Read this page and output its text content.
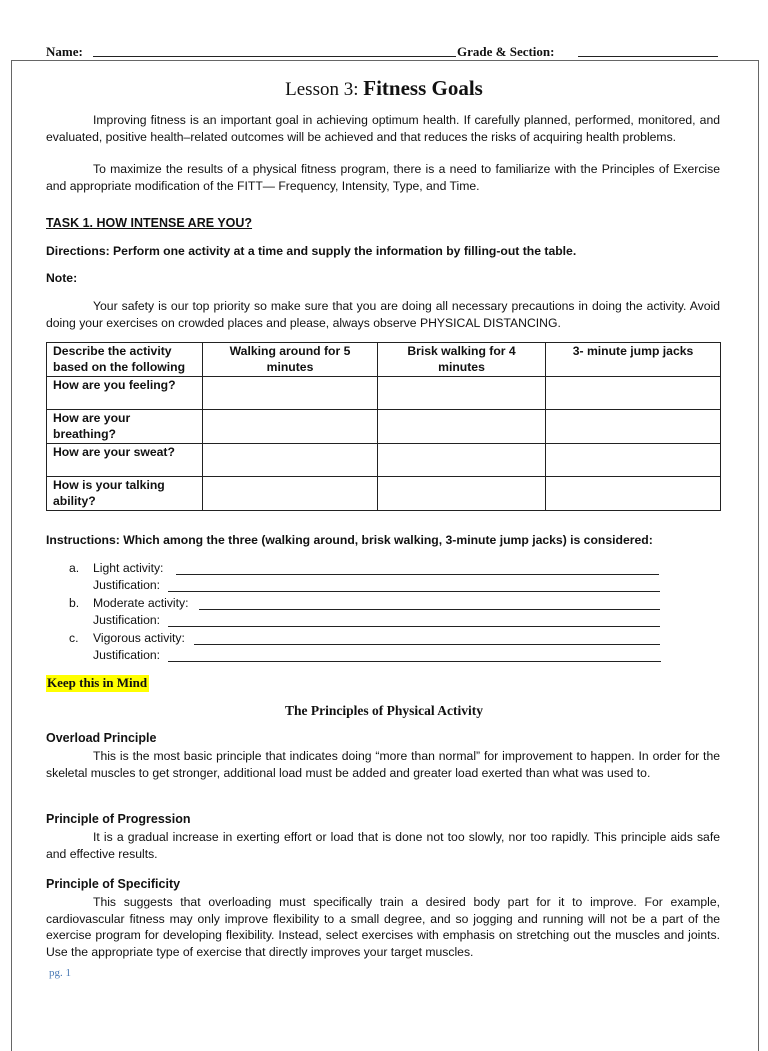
Name:	Grade & Section:
Lesson 3: Fitness Goals
Improving fitness is an important goal in achieving optimum health. If carefully planned, performed, monitored, and evaluated, positive health–related outcomes will be achieved and that reduces the risks of acquiring health problems.
To maximize the results of a physical fitness program, there is a need to familiarize with the Principles of Exercise and appropriate modification of the FITT— Frequency, Intensity, Type, and Time.
TASK 1. HOW INTENSE ARE YOU?
Directions: Perform one activity at a time and supply the information by filling-out the table.
Note:
Your safety is our top priority so make sure that you are doing all necessary precautions in doing the activity. Avoid doing your exercises on crowded places and please, always observe PHYSICAL DISTANCING.
Describe the activity based on the following	Walking around for 5 minutes	Brisk walking for 4 minutes	3- minute jump jacks
How are you feeling?			
How are your breathing?			
How are your sweat?			
How is your talking ability?			
Instructions: Which among the three (walking around, brisk walking, 3-minute jump jacks) is considered:
a. Light activity:
Justification:
b. Moderate activity:
Justification:
c. Vigorous activity:
Justification:
Keep this in Mind
The Principles of Physical Activity
Overload Principle
This is the most basic principle that indicates doing “more than normal” for improvement to happen. In order for the skeletal muscles to get stronger, additional load must be added and greater load exerted than what was used to.
Principle of Progression
It is a gradual increase in exerting effort or load that is done not too slowly, nor too rapidly. This principle aids safe and effective results.
Principle of Specificity
This suggests that overloading must specifically train a desired body part for it to improve. For example, cardiovascular fitness may only improve flexibility to a small degree, and so jogging and running will not be a part of the exercise program for developing flexibility. Instead, select exercises with emphasis on stretching out the muscles and joints. Use the appropriate type of exercise that directly improves your target muscles.
pg. 1
